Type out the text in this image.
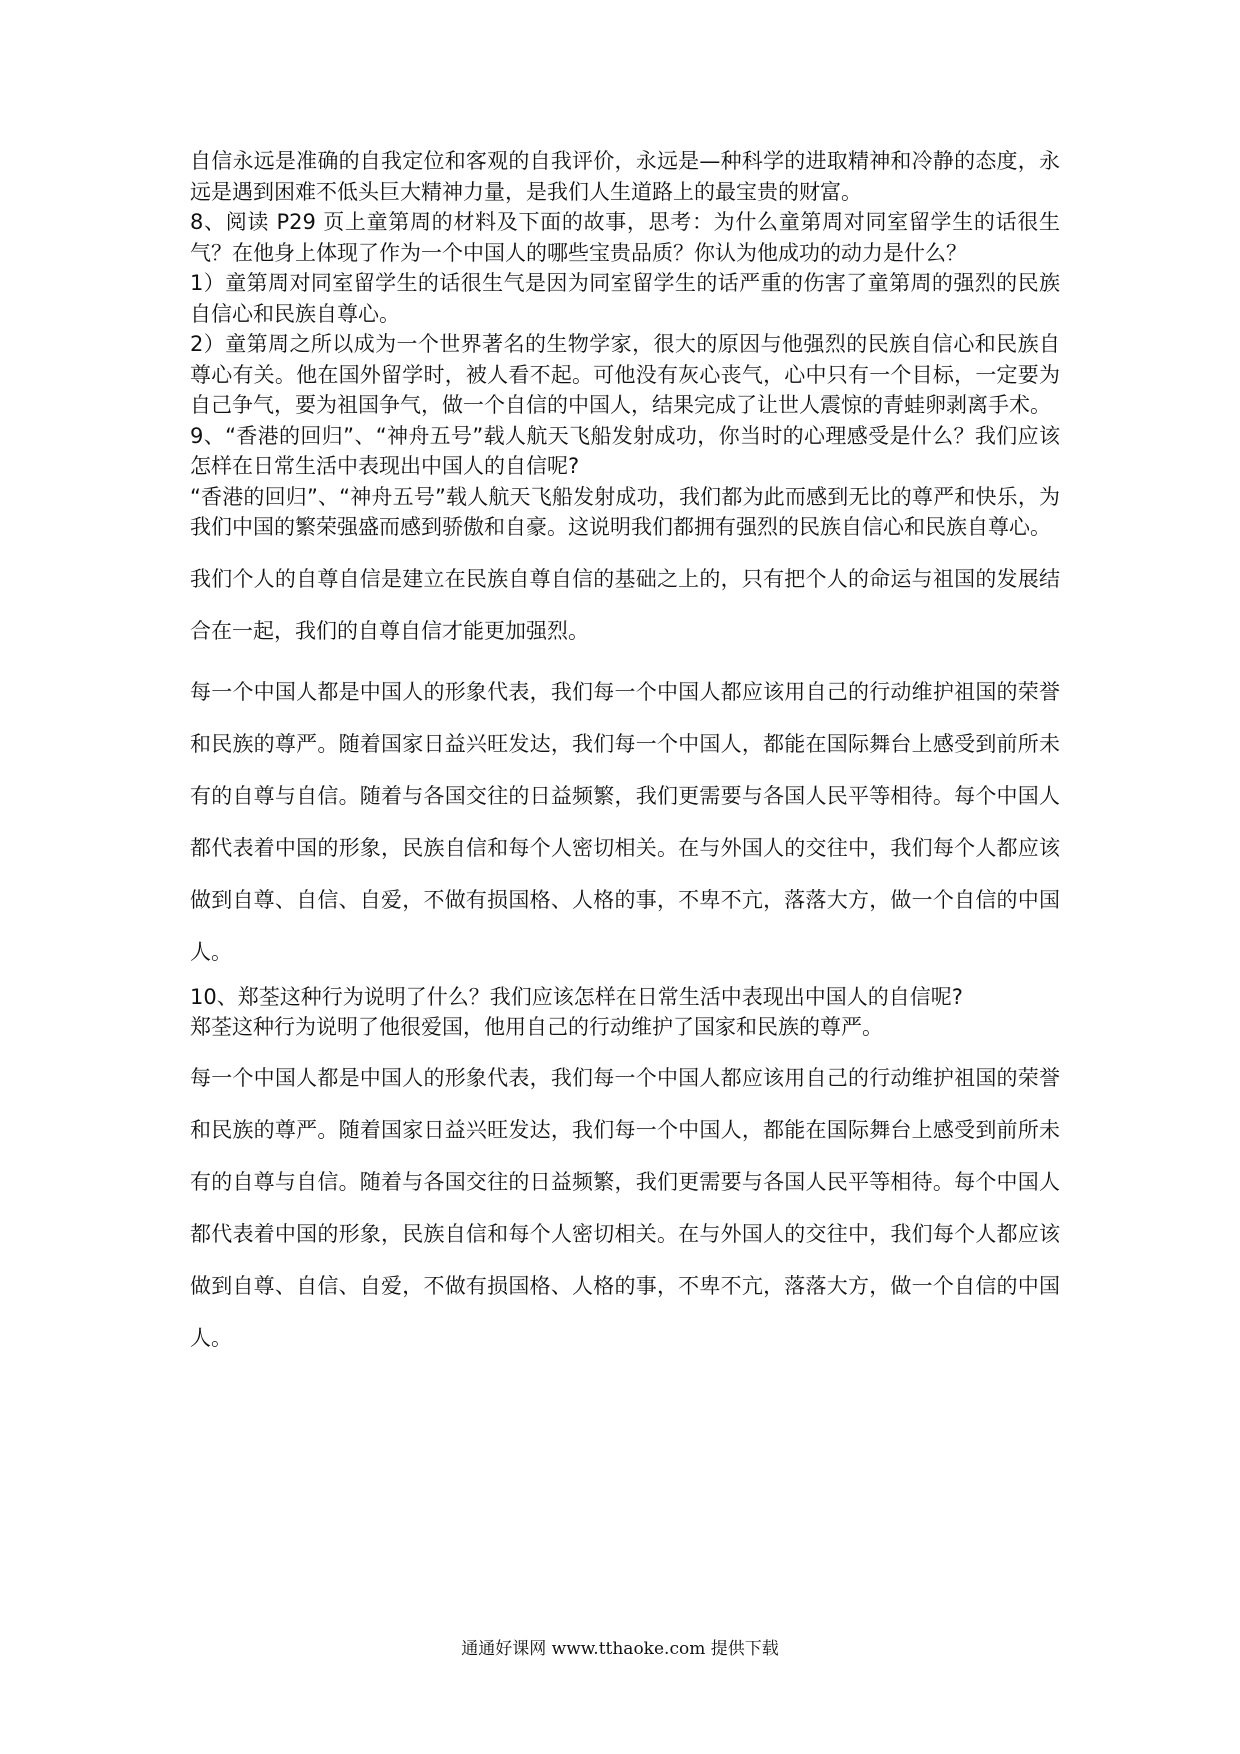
自信永远是准确的自我定位和客观的自我评价，永远是—种科学的进取精神和冷静的态度，永远是遇到困难不低头巨大精神力量，是我们人生道路上的最宝贵的财富。

8、阅读 P29 页上童第周的材料及下面的故事，思考：为什么童第周对同室留学生的话很生气？在他身上体现了作为一个中国人的哪些宝贵品质？你认为他成功的动力是什么？

1）童第周对同室留学生的话很生气是因为同室留学生的话严重的伤害了童第周的强烈的民族自信心和民族自尊心。

2）童第周之所以成为一个世界著名的生物学家，很大的原因与他强烈的民族自信心和民族自尊心有关。他在国外留学时，被人看不起。可他没有灰心丧气，心中只有一个目标，一定要为自己争气，要为祖国争气，做一个自信的中国人，结果完成了让世人震惊的青蛙卵剥离手术。

9、“香港的回归”、“神舟五号”载人航天飞船发射成功，你当时的心理感受是什么？我们应该怎样在日常生活中表现出中国人的自信呢?

“香港的回归”、“神舟五号”载人航天飞船发射成功，我们都为此而感到无比的尊严和快乐，为我们中国的繁荣强盛而感到骄傲和自豪。这说明我们都拥有强烈的民族自信心和民族自尊心。

我们个人的自尊自信是建立在民族自尊自信的基础之上的，只有把个人的命运与祖国的发展结合在一起，我们的自尊自信才能更加强烈。

每一个中国人都是中国人的形象代表，我们每一个中国人都应该用自己的行动维护祖国的荣誉和民族的尊严。随着国家日益兴旺发达，我们每一个中国人，都能在国际舞台上感受到前所未有的自尊与自信。随着与各国交往的日益频繁，我们更需要与各国人民平等相待。每个中国人都代表着中国的形象，民族自信和每个人密切相关。在与外国人的交往中，我们每个人都应该做到自尊、自信、自爱，不做有损国格、人格的事，不卑不亢，落落大方，做一个自信的中国人。

10、郑荃这种行为说明了什么？我们应该怎样在日常生活中表现出中国人的自信呢?

郑荃这种行为说明了他很爱国，他用自己的行动维护了国家和民族的尊严。

每一个中国人都是中国人的形象代表，我们每一个中国人都应该用自己的行动维护祖国的荣誉和民族的尊严。随着国家日益兴旺发达，我们每一个中国人，都能在国际舞台上感受到前所未有的自尊与自信。随着与各国交往的日益频繁，我们更需要与各国人民平等相待。每个中国人都代表着中国的形象，民族自信和每个人密切相关。在与外国人的交往中，我们每个人都应该做到自尊、自信、自爱，不做有损国格、人格的事，不卑不亢，落落大方，做一个自信的中国人。

通通好课网 www.tthaoke.com 提供下载
